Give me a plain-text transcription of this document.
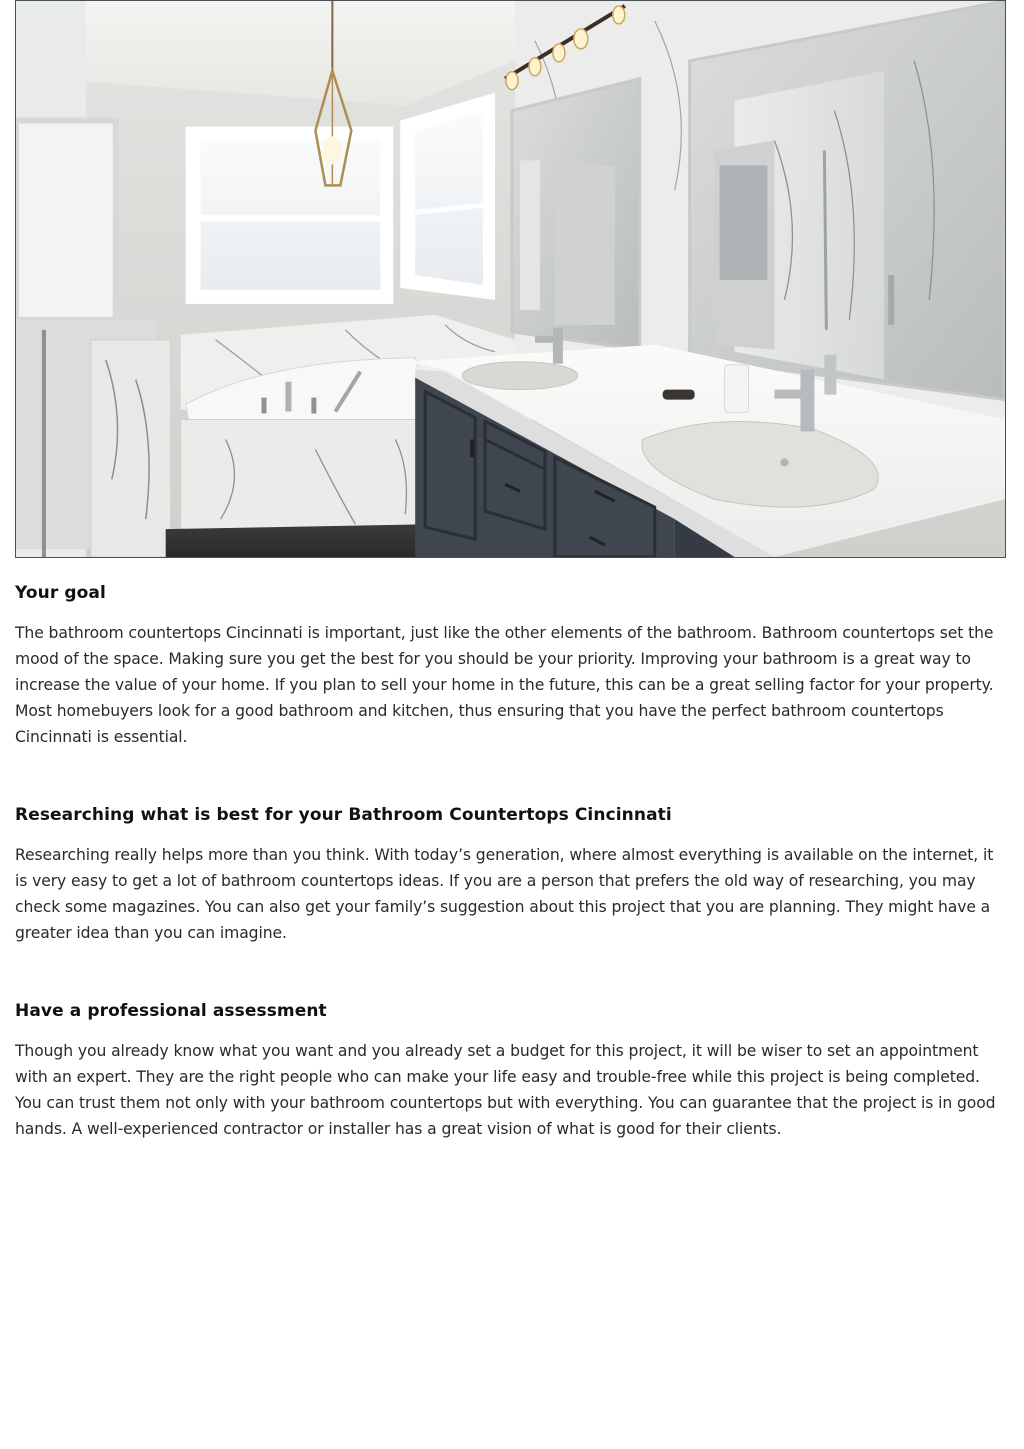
Your goal

The bathroom countertops Cincinnati is important, just like the other elements of the bathroom. Bathroom countertops set the mood of the space. Making sure you get the best for you should be your priority. Improving your bathroom is a great way to increase the value of your home. If you plan to sell your home in the future, this can be a great selling factor for your property. Most homebuyers look for a good bathroom and kitchen, thus ensuring that you have the perfect bathroom countertops Cincinnati is essential.

Researching what is best for your Bathroom Countertops Cincinnati

Researching really helps more than you think. With today’s generation, where almost everything is available on the internet, it is very easy to get a lot of bathroom countertops ideas. If you are a person that prefers the old way of researching, you may check some magazines. You can also get your family’s suggestion about this project that you are planning. They might have a greater idea than you can imagine.

Have a professional assessment

Though you already know what you want and you already set a budget for this project, it will be wiser to set an appointment with an expert. They are the right people who can make your life easy and trouble-free while this project is being completed. You can trust them not only with your bathroom countertops but with everything. You can guarantee that the project is in good hands. A well-experienced contractor or installer has a great vision of what is good for their clients.
